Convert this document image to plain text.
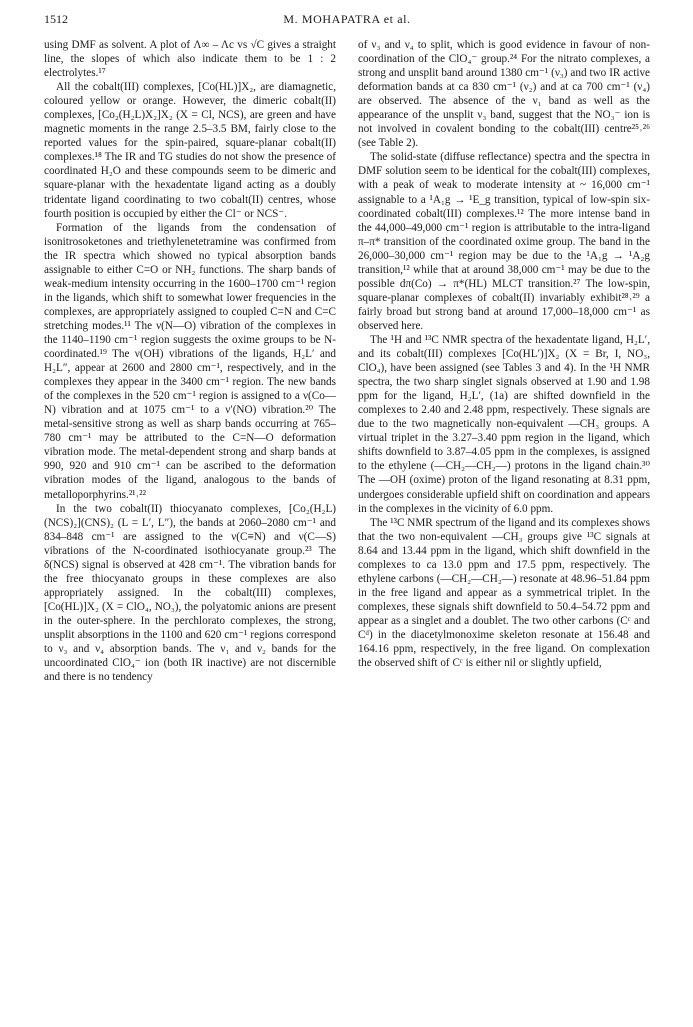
1512	M. MOHAPATRA et al.

using DMF as solvent. A plot of Λ∞ – Λc vs √C gives a straight line, the slopes of which also indicate them to be 1 : 2 electrolytes.¹⁷

All the cobalt(III) complexes, [Co(HL)]X₂, are diamagnetic, coloured yellow or orange. However, the dimeric cobalt(II) complexes, [Co₂(H₂L)X₂]X₂ (X = Cl, NCS), are green and have magnetic moments in the range 2.5–3.5 BM, fairly close to the reported values for the spin-paired, square-planar cobalt(II) complexes.¹⁸ The IR and TG studies do not show the presence of coordinated H₂O and these compounds seem to be dimeric and square-planar with the hexadentate ligand acting as a doubly tridentate ligand coordinating to two cobalt(II) centres, whose fourth position is occupied by either the Cl⁻ or NCS⁻.

Formation of the ligands from the condensation of isonitrosoketones and triethylenetetramine was confirmed from the IR spectra which showed no typical absorption bands assignable to either C=O or NH₂ functions. The sharp bands of weak-medium intensity occurring in the 1600–1700 cm⁻¹ region in the ligands, which shift to somewhat lower frequencies in the complexes, are appropriately assigned to coupled C=N and C=C stretching modes.¹¹ The ν(N—O) vibration of the complexes in the 1140–1190 cm⁻¹ region suggests the oxime groups to be N-coordinated.¹⁹ The ν(OH) vibrations of the ligands, H₂L′ and H₂L″, appear at 2600 and 2800 cm⁻¹, respectively, and in the complexes they appear in the 3400 cm⁻¹ region. The new bands of the complexes in the 520 cm⁻¹ region is assigned to a ν(Co—N) vibration and at 1075 cm⁻¹ to a ν′(NO) vibration.²⁰ The metal-sensitive strong as well as sharp bands occurring at 765–780 cm⁻¹ may be attributed to the C=N—O deformation vibration mode. The metal-dependent strong and sharp bands at 990, 920 and 910 cm⁻¹ can be ascribed to the deformation vibration modes of the ligand, analogous to the bands of metalloporphyrins.²¹˒²²

In the two cobalt(II) thiocyanato complexes, [Co₂(H₂L)(NCS)₂](CNS)₂ (L = L′, L″), the bands at 2060–2080 cm⁻¹ and 834–848 cm⁻¹ are assigned to the ν(C≡N) and ν(C—S) vibrations of the N-coordinated isothiocyanate group.²³ The δ(NCS) signal is observed at 428 cm⁻¹. The vibration bands for the free thiocyanato groups in these complexes are also appropriately assigned. In the cobalt(III) complexes, [Co(HL)]X₂ (X = ClO₄, NO₃), the polyatomic anions are present in the outer-sphere. In the perchlorato complexes, the strong, unsplit absorptions in the 1100 and 620 cm⁻¹ regions correspond to ν₃ and ν₄ absorption bands. The ν₁ and ν₂ bands for the uncoordinated ClO₄⁻ ion (both IR inactive) are not discernible and there is no tendency

of ν₃ and ν₄ to split, which is good evidence in favour of non-coordination of the ClO₄⁻ group.²⁴ For the nitrato complexes, a strong and unsplit band around 1380 cm⁻¹ (ν₃) and two IR active deformation bands at ca 830 cm⁻¹ (ν₂) and at ca 700 cm⁻¹ (ν₄) are observed. The absence of the ν₁ band as well as the appearance of the unsplit ν₃ band, suggest that the NO₃⁻ ion is not involved in covalent bonding to the cobalt(III) centre²⁵˒²⁶ (see Table 2).

The solid-state (diffuse reflectance) spectra and the spectra in DMF solution seem to be identical for the cobalt(III) complexes, with a peak of weak to moderate intensity at ~ 16,000 cm⁻¹ assignable to a ¹A₁g → ¹E_g transition, typical of low-spin six-coordinated cobalt(III) complexes.¹² The more intense band in the 44,000–49,000 cm⁻¹ region is attributable to the intra-ligand π–π* transition of the coordinated oxime group. The band in the 26,000–30,000 cm⁻¹ region may be due to the ¹A₁g → ¹A₂g transition,¹² while that at around 38,000 cm⁻¹ may be due to the possible dπ(Co) → π*(HL) MLCT transition.²⁷ The low-spin, square-planar complexes of cobalt(II) invariably exhibit²⁸˒²⁹ a fairly broad but strong band at around 17,000–18,000 cm⁻¹ as observed here.

The ¹H and ¹³C NMR spectra of the hexadentate ligand, H₂L′, and its cobalt(III) complexes [Co(HL′)]X₂ (X = Br, I, NO₃, ClO₄), have been assigned (see Tables 3 and 4). In the ¹H NMR spectra, the two sharp singlet signals observed at 1.90 and 1.98 ppm for the ligand, H₂L′, (1a) are shifted downfield in the complexes to 2.40 and 2.48 ppm, respectively. These signals are due to the two magnetically non-equivalent —CH₃ groups. A virtual triplet in the 3.27–3.40 ppm region in the ligand, which shifts downfield to 3.87–4.05 ppm in the complexes, is assigned to the ethylene (—CH₂—CH₂—) protons in the ligand chain.³⁰ The —OH (oxime) proton of the ligand resonating at 8.31 ppm, undergoes considerable upfield shift on coordination and appears in the complexes in the vicinity of 6.0 ppm.

The ¹³C NMR spectrum of the ligand and its complexes shows that the two non-equivalent —CH₃ groups give ¹³C signals at 8.64 and 13.44 ppm in the ligand, which shift downfield in the complexes to ca 13.0 ppm and 17.5 ppm, respectively. The ethylene carbons (—CH₂—CH₂—) resonate at 48.96–51.84 ppm in the free ligand and appear as a symmetrical triplet. In the complexes, these signals shift downfield to 50.4–54.72 ppm and appear as a singlet and a doublet. The two other carbons (Cᶜ and Cᵈ) in the diacetylmonoxime skeleton resonate at 156.48 and 164.16 ppm, respectively, in the free ligand. On complexation the observed shift of Cᶜ is either nil or slightly upfield,
